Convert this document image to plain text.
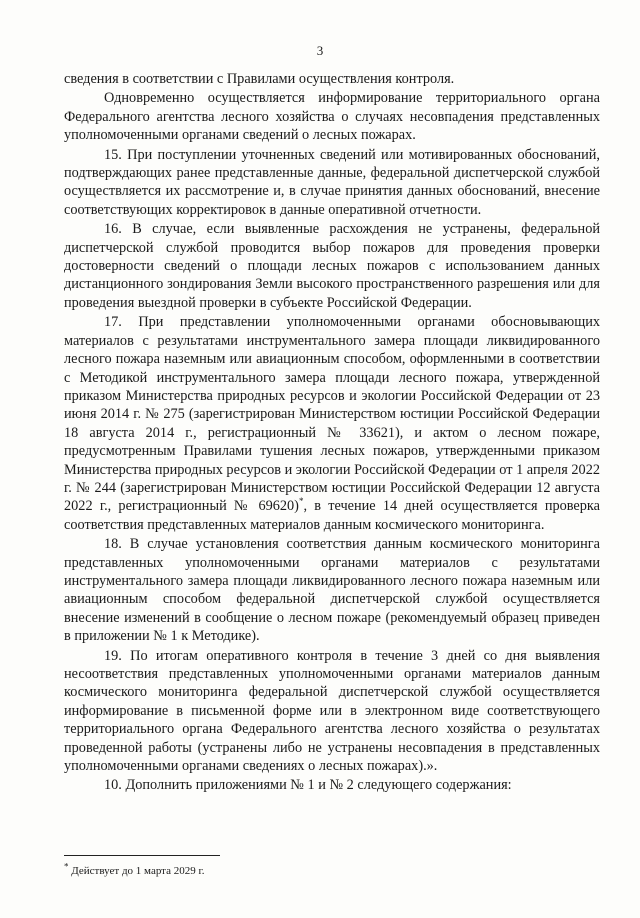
3

сведения в соответствии с Правилами осуществления контроля.

Одновременно осуществляется информирование территориального органа Федерального агентства лесного хозяйства о случаях несовпадения представленных уполномоченными органами сведений о лесных пожарах.

15. При поступлении уточненных сведений или мотивированных обоснований, подтверждающих ранее представленные данные, федеральной диспетчерской службой осуществляется их рассмотрение и, в случае принятия данных обоснований, внесение соответствующих корректировок в данные оперативной отчетности.

16. В случае, если выявленные расхождения не устранены, федеральной диспетчерской службой проводится выбор пожаров для проведения проверки достоверности сведений о площади лесных пожаров с использованием данных дистанционного зондирования Земли высокого пространственного разрешения или для проведения выездной проверки в субъекте Российской Федерации.

17. При представлении уполномоченными органами обосновывающих материалов с результатами инструментального замера площади ликвидированного лесного пожара наземным или авиационным способом, оформленными в соответствии с Методикой инструментального замера площади лесного пожара, утвержденной приказом Министерства природных ресурсов и экологии Российской Федерации от 23 июня 2014 г. № 275 (зарегистрирован Министерством юстиции Российской Федерации 18 августа 2014 г., регистрационный № 33621), и актом о лесном пожаре, предусмотренным Правилами тушения лесных пожаров, утвержденными приказом Министерства природных ресурсов и экологии Российской Федерации от 1 апреля 2022 г. № 244 (зарегистрирован Министерством юстиции Российской Федерации 12 августа 2022 г., регистрационный № 69620)*, в течение 14 дней осуществляется проверка соответствия представленных материалов данным космического мониторинга.

18. В случае установления соответствия данным космического мониторинга представленных уполномоченными органами материалов с результатами инструментального замера площади ликвидированного лесного пожара наземным или авиационным способом федеральной диспетчерской службой осуществляется внесение изменений в сообщение о лесном пожаре (рекомендуемый образец приведен в приложении № 1 к Методике).

19. По итогам оперативного контроля в течение 3 дней со дня выявления несоответствия представленных уполномоченными органами материалов данным космического мониторинга федеральной диспетчерской службой осуществляется информирование в письменной форме или в электронном виде соответствующего территориального органа Федерального агентства лесного хозяйства о результатах проведенной работы (устранены либо не устранены несовпадения в представленных уполномоченными органами сведениях о лесных пожарах).».

10. Дополнить приложениями № 1 и № 2 следующего содержания:

* Действует до 1 марта 2029 г.
